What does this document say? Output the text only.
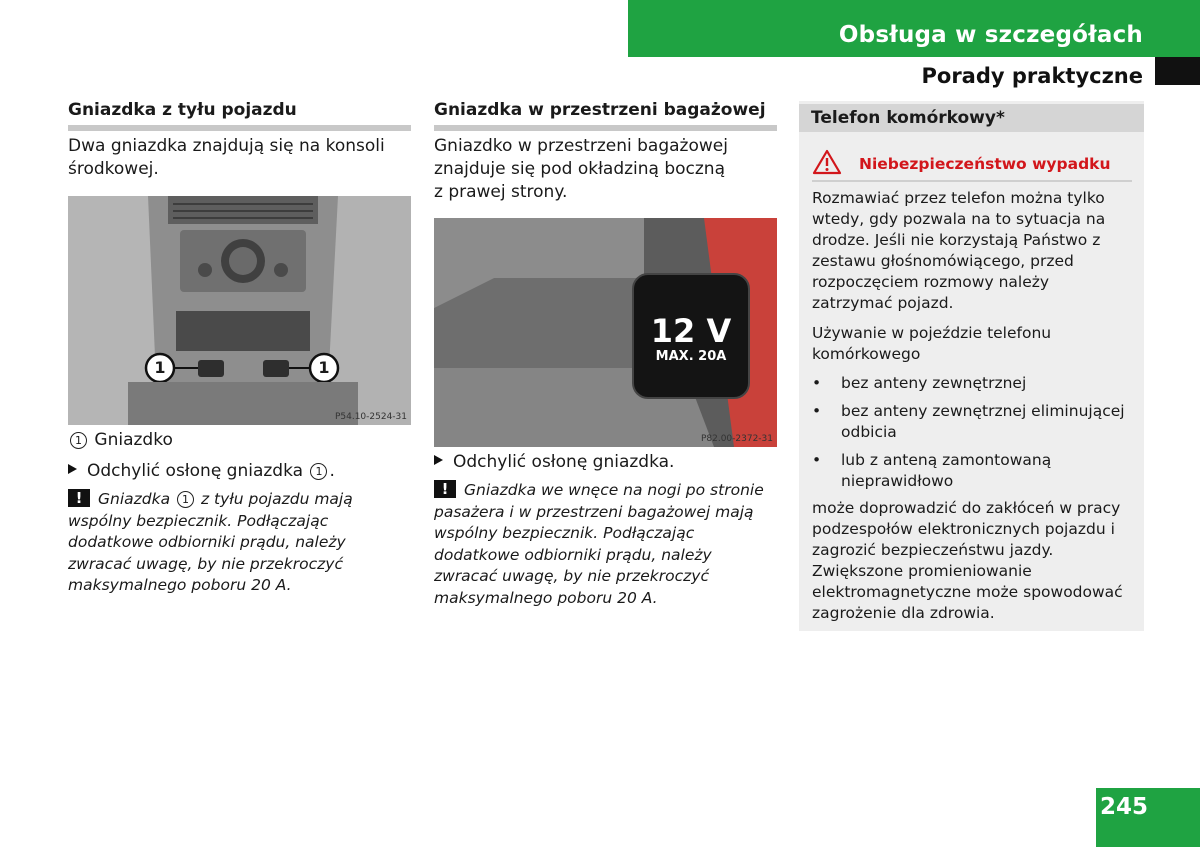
Obsługa w szczegółach
Porady praktyczne
Gniazdka z tyłu pojazdu
Dwa gniazdka znajdują się na konsoli środkowej.
1	1
P54.10-2524-31
1 Gniazdko
Odchylić osłonę gniazdka 1 .
! Gniazdka 1 z tyłu pojazdu mają wspólny bezpiecznik. Podłączając dodatkowe odbiorniki prądu, należy zwracać uwagę, by nie przekroczyć maksymalnego poboru 20 A.
Gniazdka w przestrzeni bagażowej
Gniazdko w przestrzeni bagażowej znajduje się pod okładziną boczną z prawej strony.
12 V
MAX. 20A
P82.00-2372-31
Odchylić osłonę gniazdka.
! Gniazdka we wnęce na nogi po stronie pasażera i w przestrzeni bagażowej mają wspólny bezpiecznik. Podłączając dodatkowe odbiorniki prądu, należy zwracać uwagę, by nie przekroczyć maksymalnego poboru 20 A.
Telefon komórkowy*
Niebezpieczeństwo wypadku
Rozmawiać przez telefon można tylko wtedy, gdy pozwala na to sytuacja na drodze. Jeśli nie korzystają Państwo z zestawu głośnomówiącego, przed rozpoczęciem rozmowy należy zatrzymać pojazd.
Używanie w pojeździe telefonu komórkowego
• bez anteny zewnętrznej
• bez anteny zewnętrznej eliminującej odbicia
• lub z anteną zamontowaną nieprawidłowo
może doprowadzić do zakłóceń w pracy podzespołów elektronicznych pojazdu i zagrozić bezpieczeństwu jazdy. Zwiększone promieniowanie elektromagnetyczne może spowodować zagrożenie dla zdrowia.
245
